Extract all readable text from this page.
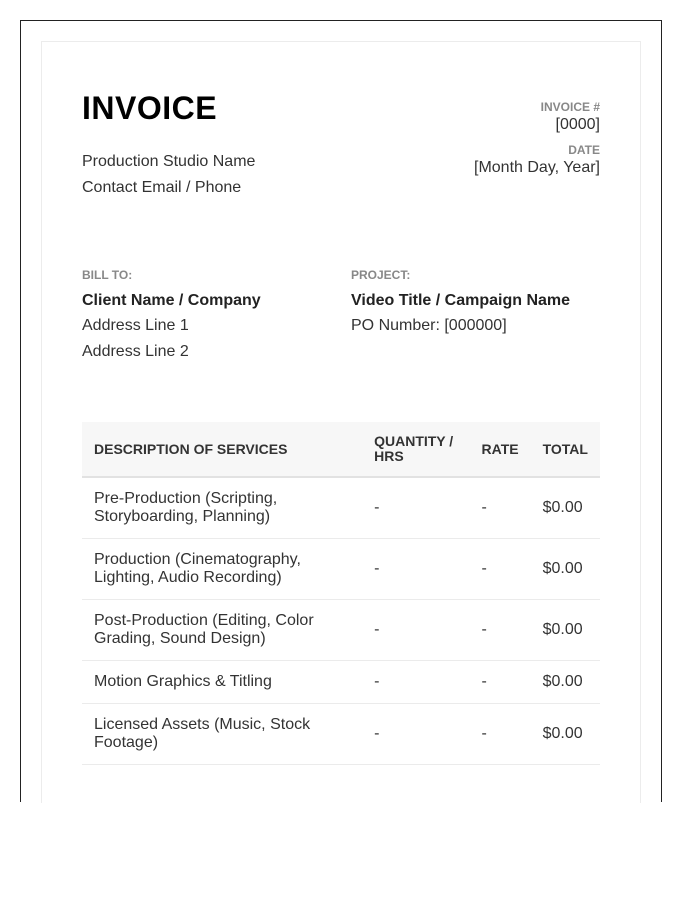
INVOICE
Production Studio Name
Contact Email / Phone
INVOICE #
[0000]
DATE
[Month Day, Year]
BILL TO:
Client Name / Company
Address Line 1
Address Line 2
PROJECT:
Video Title / Campaign Name
PO Number: [000000]
DESCRIPTION OF SERVICES	QUANTITY / HRS	RATE	TOTAL
Pre-Production (Scripting, Storyboarding, Planning)	-	-	$0.00
Production (Cinematography, Lighting, Audio Recording)	-	-	$0.00
Post-Production (Editing, Color Grading, Sound Design)	-	-	$0.00
Motion Graphics & Titling	-	-	$0.00
Licensed Assets (Music, Stock Footage)	-	-	$0.00
